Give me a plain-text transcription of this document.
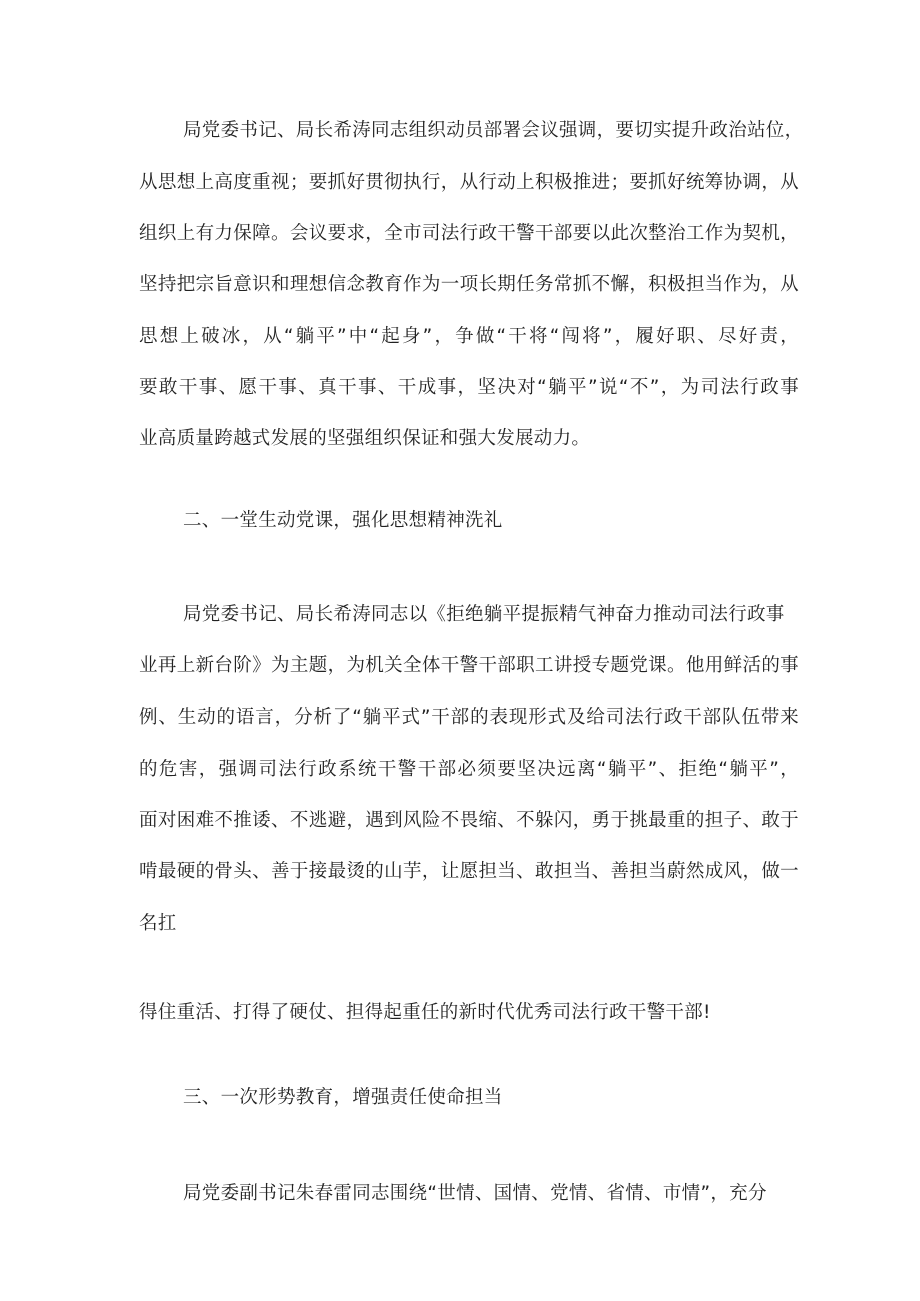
局党委书记、局长希涛同志组织动员部署会议强调，要切实提升政治站位，
从思想上高度重视；要抓好贯彻执行，从行动上积极推进；要抓好统筹协调，从
组织上有力保障。会议要求，全市司法行政干警干部要以此次整治工作为契机，
坚持把宗旨意识和理想信念教育作为一项长期任务常抓不懈，积极担当作为，从
思想上破冰，从“躺平”中“起身”，争做“干将“闯将”，履好职、尽好责，
要敢干事、愿干事、真干事、干成事，坚决对“躺平”说“不”，为司法行政事
业高质量跨越式发展的坚强组织保证和强大发展动力。
二、一堂生动党课，强化思想精神洗礼
局党委书记、局长希涛同志以《拒绝躺平提振精气神奋力推动司法行政事
业再上新台阶》为主题，为机关全体干警干部职工讲授专题党课。他用鲜活的事
例、生动的语言，分析了“躺平式”干部的表现形式及给司法行政干部队伍带来
的危害，强调司法行政系统干警干部必须要坚决远离“躺平”、拒绝“躺平”，
面对困难不推诿、不逃避，遇到风险不畏缩、不躲闪，勇于挑最重的担子、敢于
啃最硬的骨头、善于接最烫的山芋，让愿担当、敢担当、善担当蔚然成风，做一
名扛
得住重活、打得了硬仗、担得起重任的新时代优秀司法行政干警干部!
三、一次形势教育，增强责任使命担当
局党委副书记朱春雷同志围绕“世情、国情、党情、省情、市情”，充分
